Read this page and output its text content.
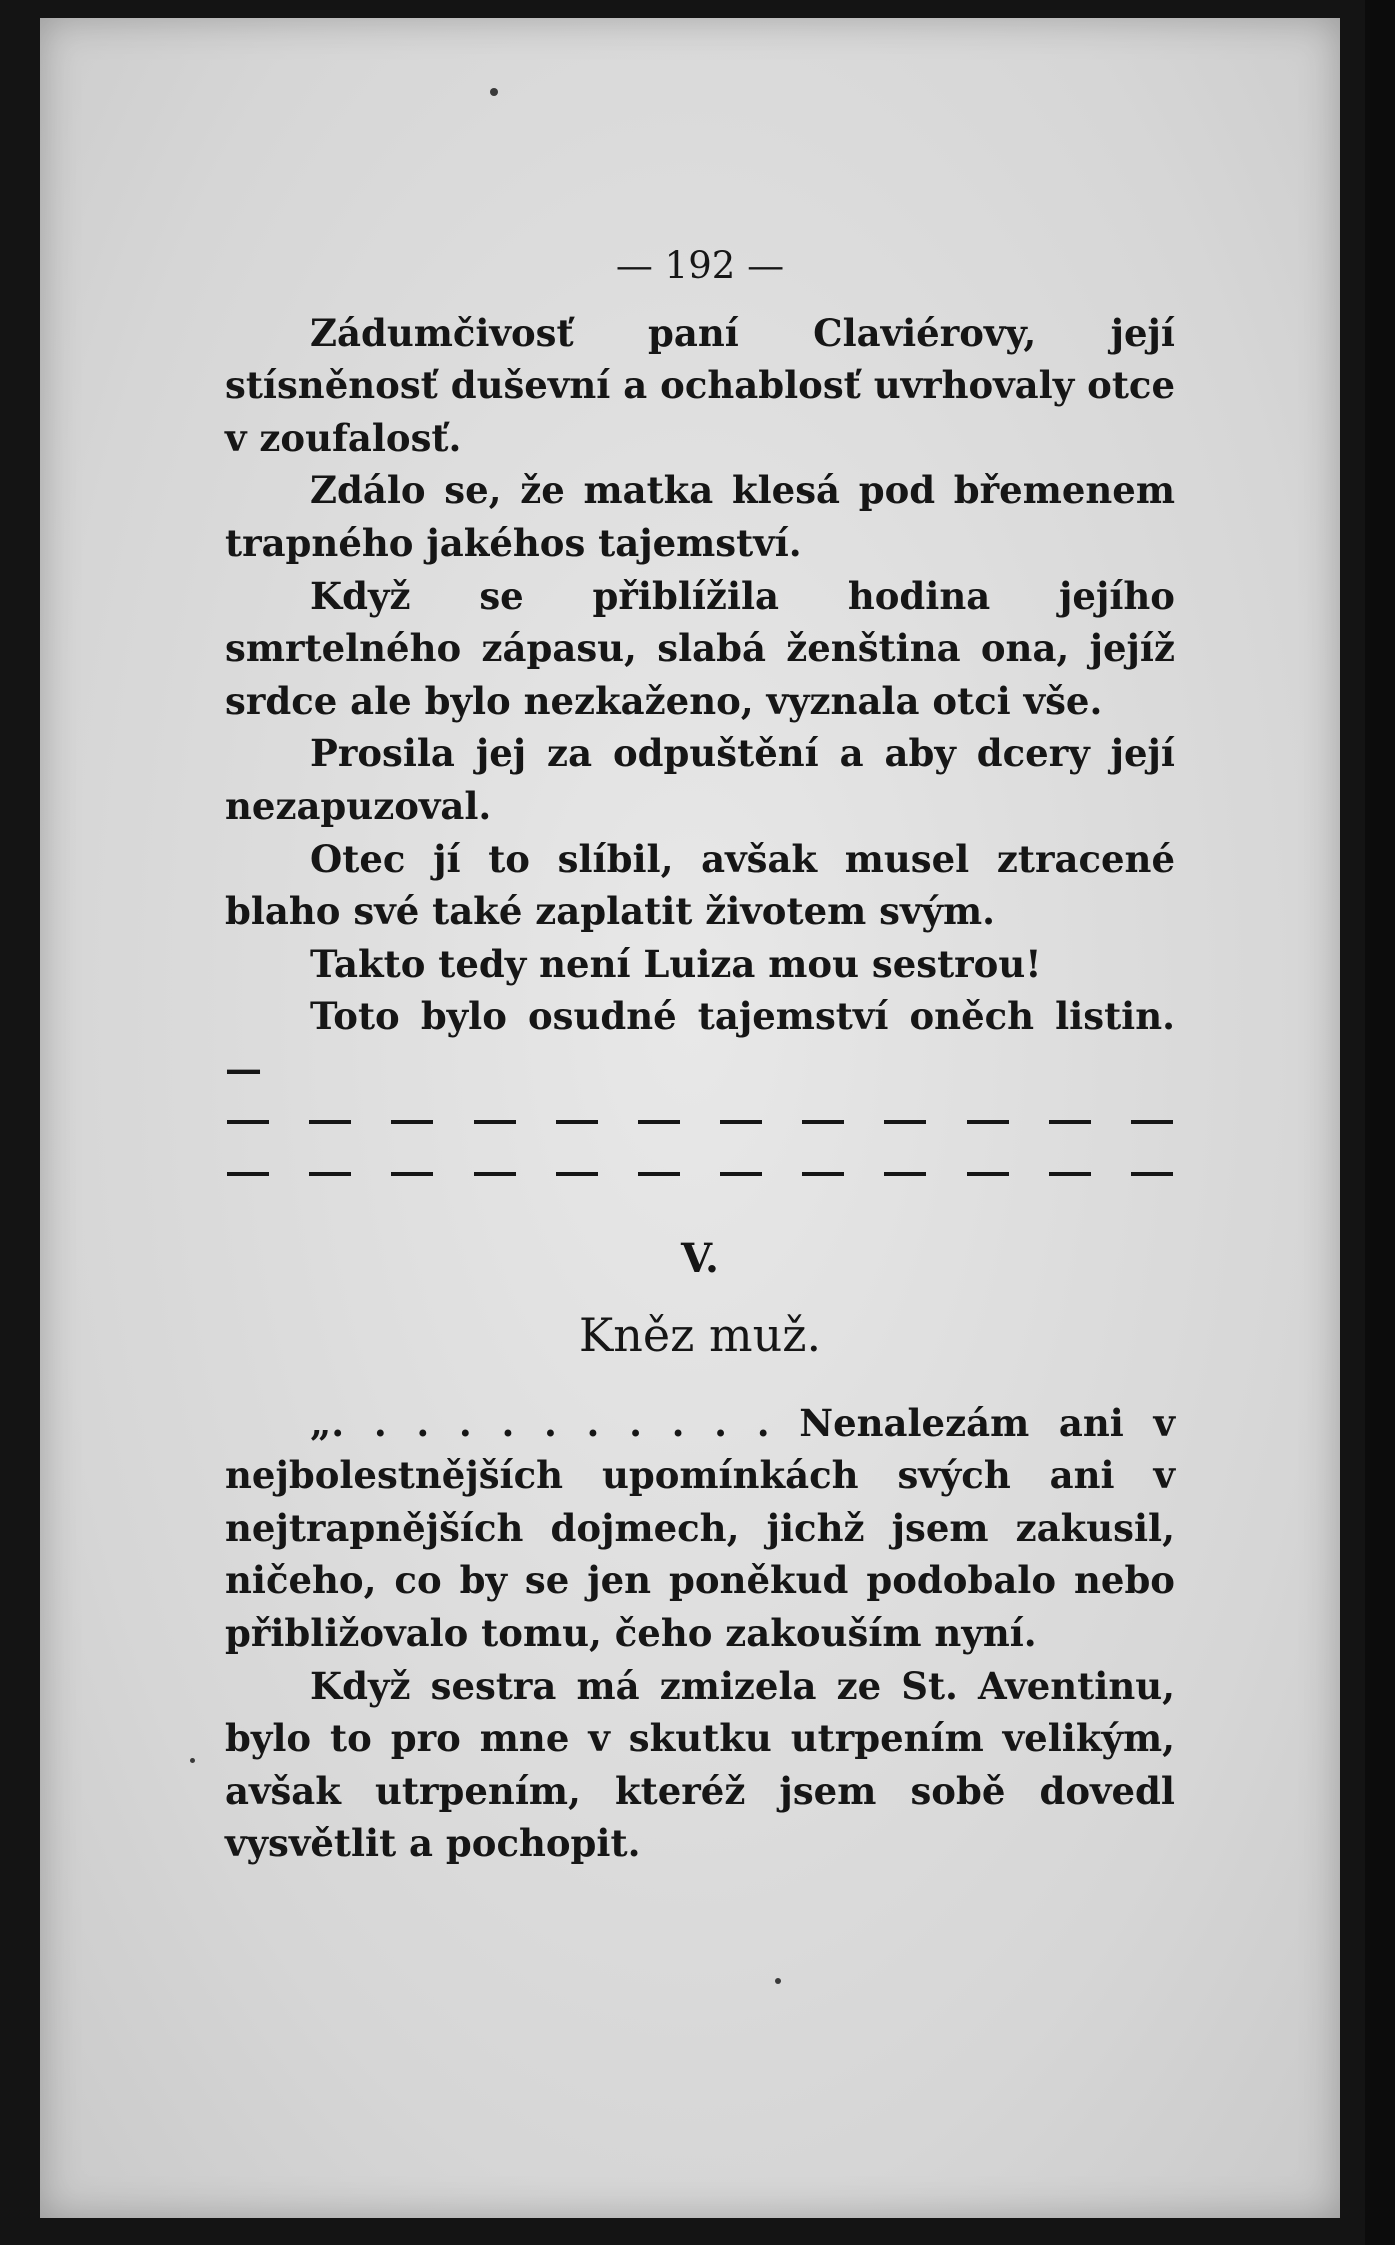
— 192 —

Zádumčivosť paní Claviérovy, její stísněnosť duševní a ochablosť uvrhovaly otce v zoufalosť.

Zdálo se, že matka klesá pod břemenem trapného jakéhos tajemství.

Když se přiblížila hodina jejího smrtelného zápasu, slabá ženština ona, jejíž srdce ale bylo nezkaženo, vyznala otci vše.

Prosila jej za odpuštění a aby dcery její nezapuzoval.

Otec jí to slíbil, avšak musel ztracené blaho své také zaplatit životem svým.

Takto tedy není Luiza mou sestrou!

Toto bylo osudné tajemství oněch listin. —

V.
Kněz muž.

„. . . . . . . . . . . Nenalezám ani v nejbolestnějších upomínkách svých ani v nejtrapnějších dojmech, jichž jsem zakusil, ničeho, co by se jen poněkud podobalo nebo přibližovalo tomu, čeho zakouším nyní.

Když sestra má zmizela ze St. Aventinu, bylo to pro mne v skutku utrpením velikým, avšak utrpením, kteréž jsem sobě dovedl vysvětlit a pochopit.
